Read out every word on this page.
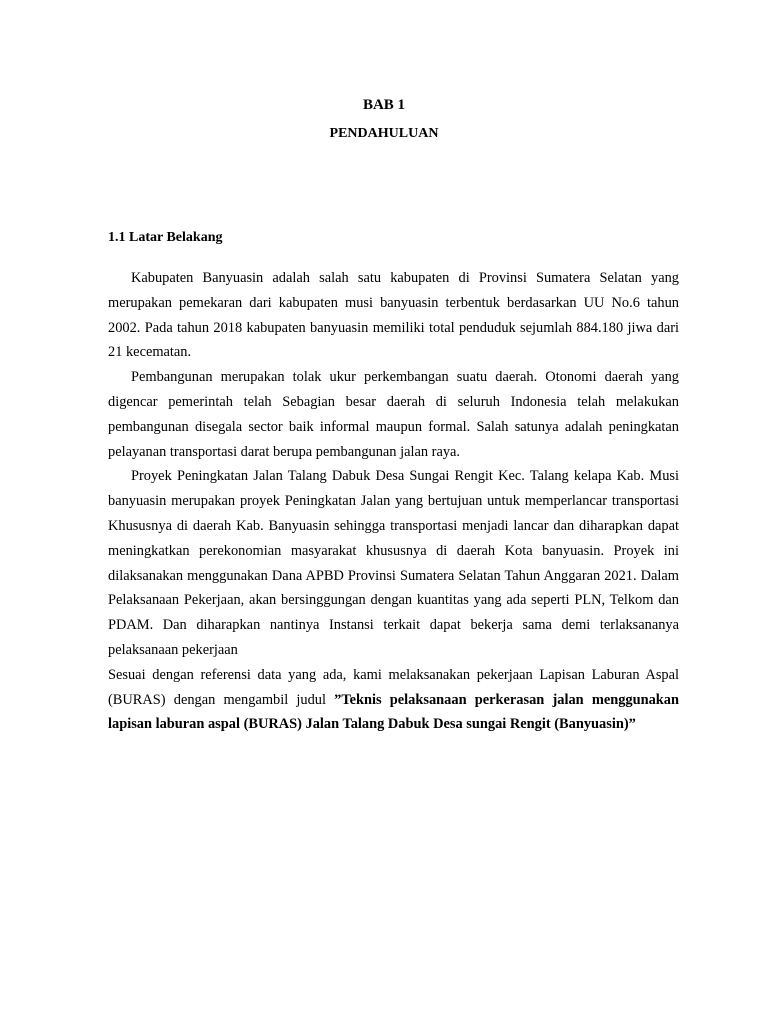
BAB 1
PENDAHULUAN
1.1 Latar Belakang

Kabupaten Banyuasin adalah salah satu kabupaten di Provinsi Sumatera Selatan yang merupakan pemekaran dari kabupaten musi banyuasin terbentuk berdasarkan UU No.6 tahun 2002. Pada tahun 2018 kabupaten banyuasin memiliki total penduduk sejumlah 884.180 jiwa dari 21 kecematan.

Pembangunan merupakan tolak ukur perkembangan suatu daerah. Otonomi daerah yang digencar pemerintah telah Sebagian besar daerah di seluruh Indonesia telah melakukan pembangunan disegala sector baik informal maupun formal. Salah satunya adalah peningkatan pelayanan transportasi darat berupa pembangunan jalan raya.

Proyek Peningkatan Jalan Talang Dabuk Desa Sungai Rengit Kec. Talang kelapa Kab. Musi banyuasin merupakan proyek Peningkatan Jalan yang bertujuan untuk memperlancar transportasi Khususnya di daerah Kab. Banyuasin sehingga transportasi menjadi lancar dan diharapkan dapat meningkatkan perekonomian masyarakat khususnya di daerah Kota banyuasin. Proyek ini dilaksanakan menggunakan Dana APBD Provinsi Sumatera Selatan Tahun Anggaran 2021. Dalam Pelaksanaan Pekerjaan, akan bersinggungan dengan kuantitas yang ada seperti PLN, Telkom dan PDAM. Dan diharapkan nantinya Instansi terkait dapat bekerja sama demi terlaksananya pelaksanaan pekerjaan

Sesuai dengan referensi data yang ada, kami melaksanakan pekerjaan Lapisan Laburan Aspal (BURAS) dengan mengambil judul ”Teknis pelaksanaan perkerasan jalan menggunakan lapisan laburan aspal (BURAS) Jalan Talang Dabuk Desa sungai Rengit (Banyuasin)”
